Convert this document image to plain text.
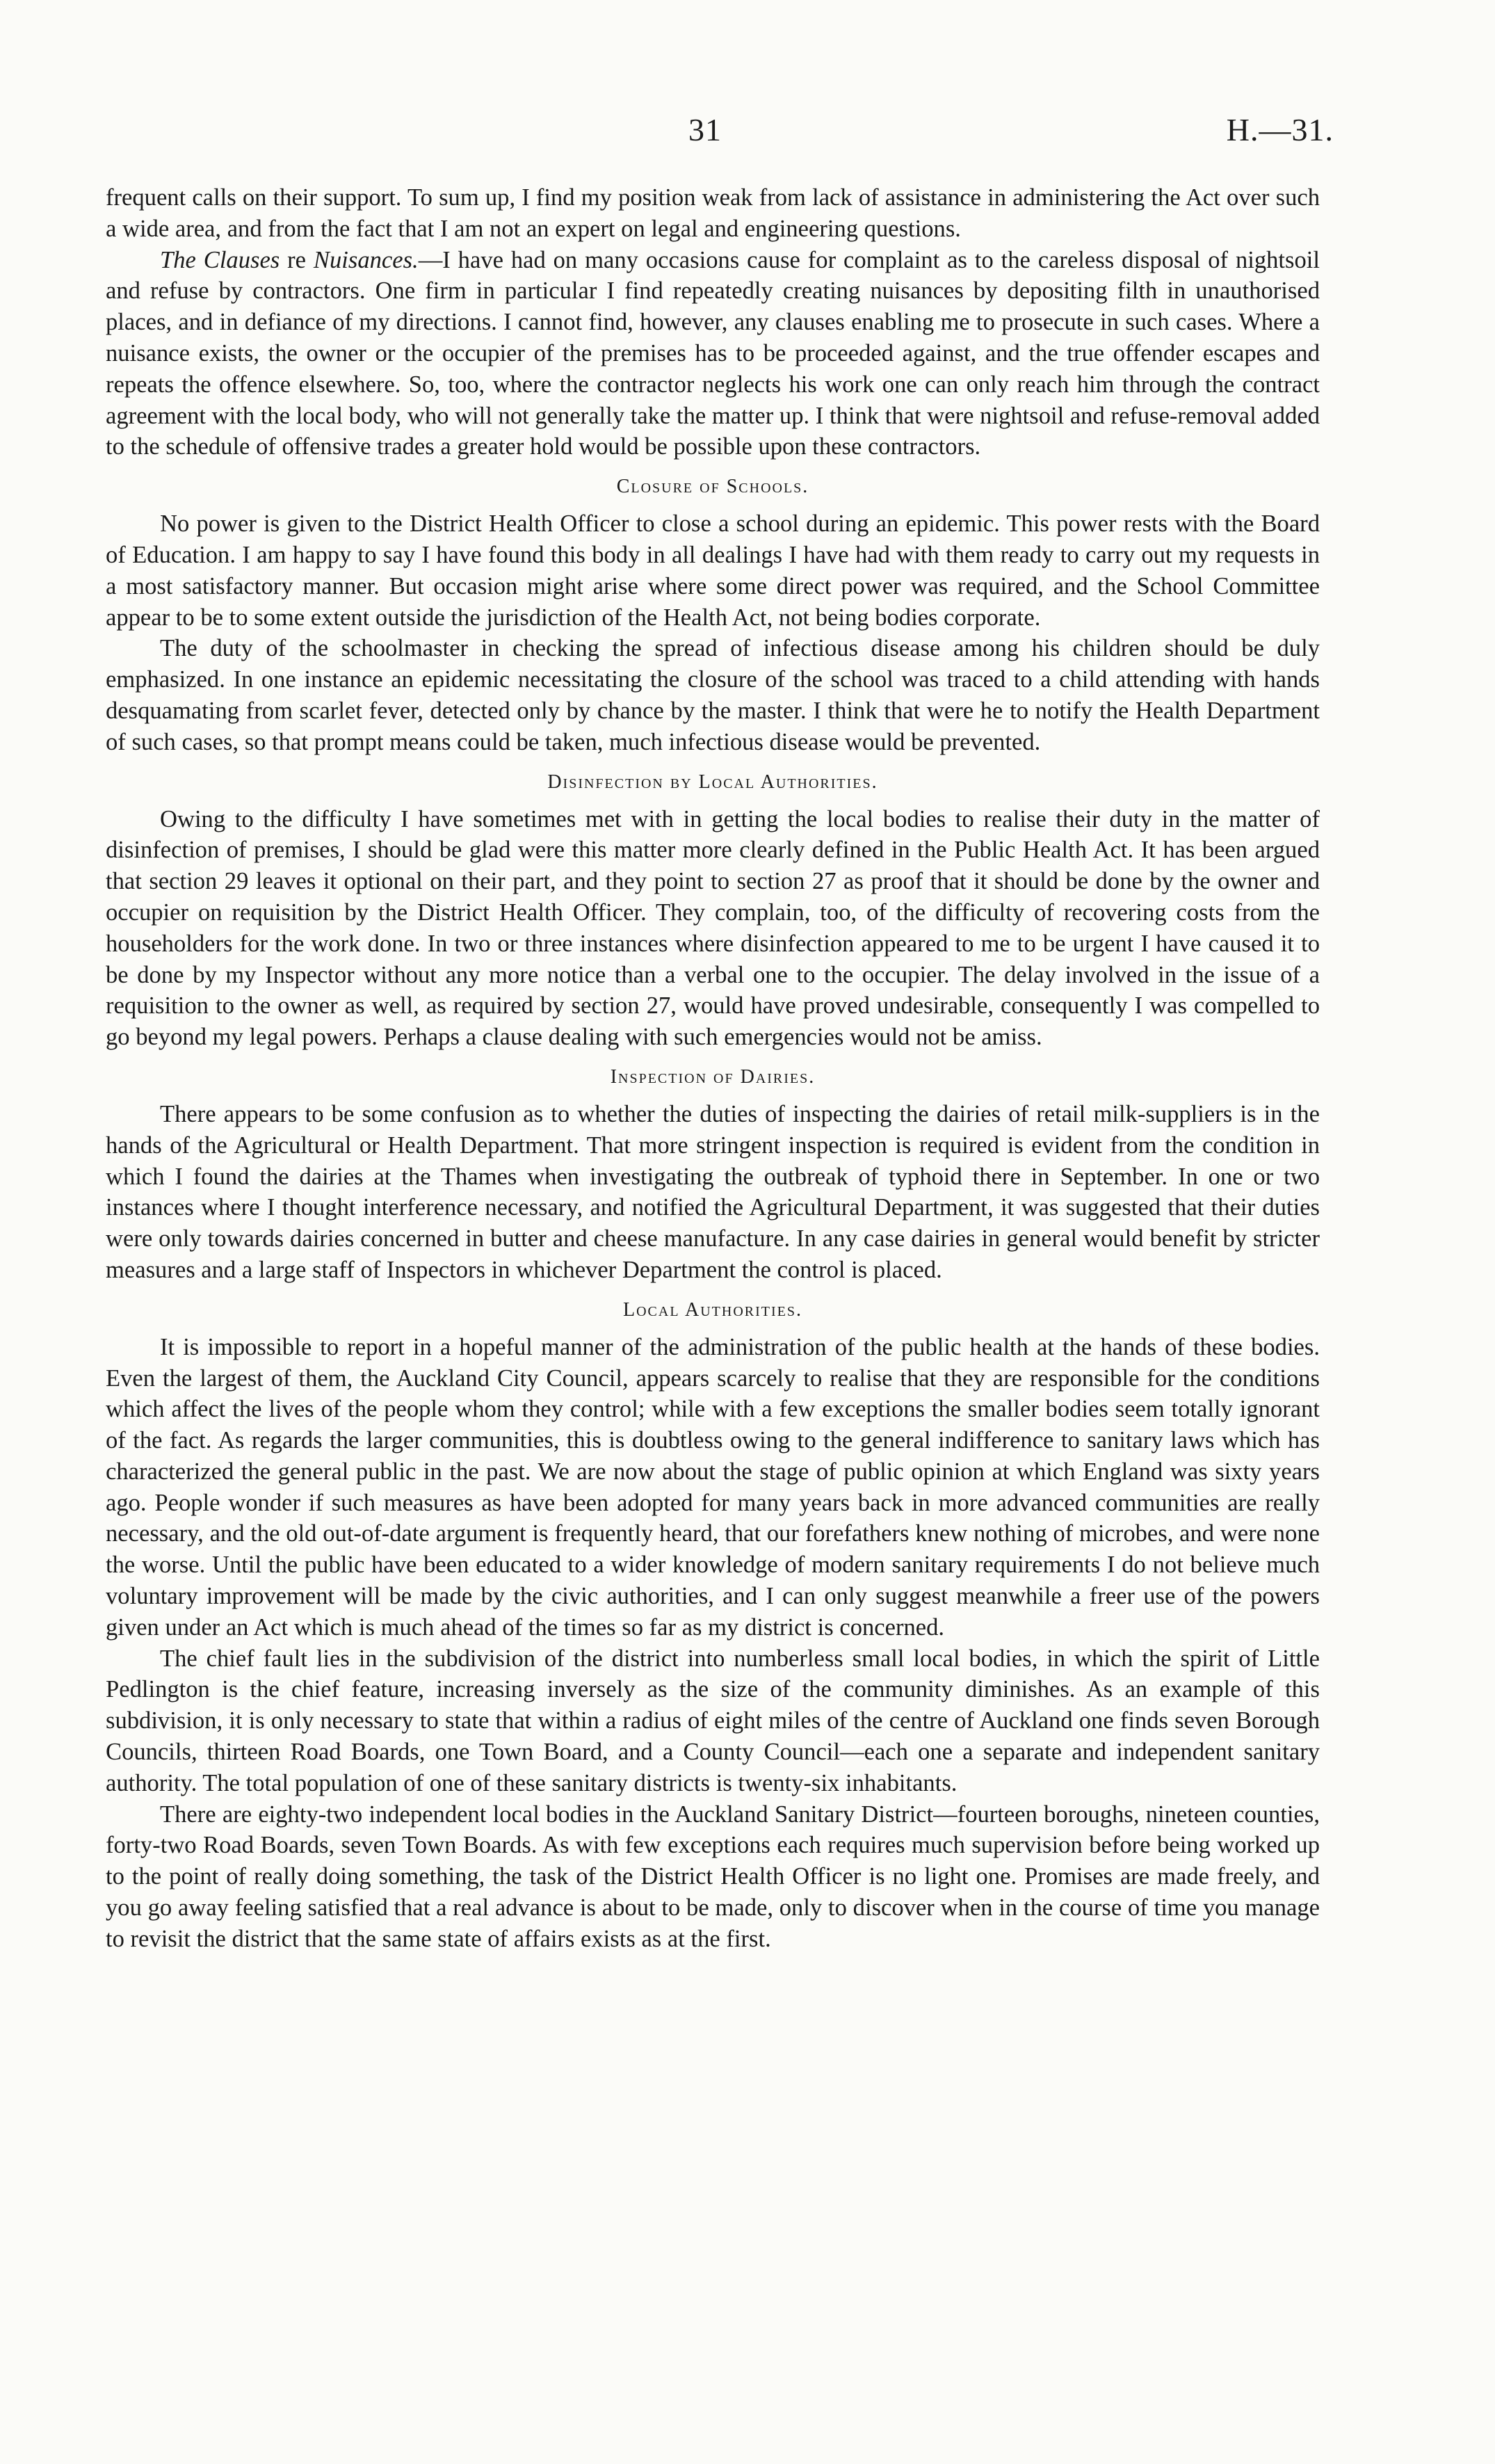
31	H.—31.

frequent calls on their support. To sum up, I find my position weak from lack of assistance in administering the Act over such a wide area, and from the fact that I am not an expert on legal and engineering questions.

The Clauses re Nuisances.—I have had on many occasions cause for complaint as to the careless disposal of nightsoil and refuse by contractors. One firm in particular I find repeatedly creating nuisances by depositing filth in unauthorised places, and in defiance of my directions. I cannot find, however, any clauses enabling me to prosecute in such cases. Where a nuisance exists, the owner or the occupier of the premises has to be proceeded against, and the true offender escapes and repeats the offence elsewhere. So, too, where the contractor neglects his work one can only reach him through the contract agreement with the local body, who will not generally take the matter up. I think that were nightsoil and refuse-removal added to the schedule of offensive trades a greater hold would be possible upon these contractors.

Closure of Schools.

No power is given to the District Health Officer to close a school during an epidemic. This power rests with the Board of Education. I am happy to say I have found this body in all dealings I have had with them ready to carry out my requests in a most satisfactory manner. But occasion might arise where some direct power was required, and the School Committee appear to be to some extent outside the jurisdiction of the Health Act, not being bodies corporate.

The duty of the schoolmaster in checking the spread of infectious disease among his children should be duly emphasized. In one instance an epidemic necessitating the closure of the school was traced to a child attending with hands desquamating from scarlet fever, detected only by chance by the master. I think that were he to notify the Health Department of such cases, so that prompt means could be taken, much infectious disease would be prevented.

Disinfection by Local Authorities.

Owing to the difficulty I have sometimes met with in getting the local bodies to realise their duty in the matter of disinfection of premises, I should be glad were this matter more clearly defined in the Public Health Act. It has been argued that section 29 leaves it optional on their part, and they point to section 27 as proof that it should be done by the owner and occupier on requisition by the District Health Officer. They complain, too, of the difficulty of recovering costs from the householders for the work done. In two or three instances where disinfection appeared to me to be urgent I have caused it to be done by my Inspector without any more notice than a verbal one to the occupier. The delay involved in the issue of a requisition to the owner as well, as required by section 27, would have proved undesirable, consequently I was compelled to go beyond my legal powers. Perhaps a clause dealing with such emergencies would not be amiss.

Inspection of Dairies.

There appears to be some confusion as to whether the duties of inspecting the dairies of retail milk-suppliers is in the hands of the Agricultural or Health Department. That more stringent inspection is required is evident from the condition in which I found the dairies at the Thames when investigating the outbreak of typhoid there in September. In one or two instances where I thought interference necessary, and notified the Agricultural Department, it was suggested that their duties were only towards dairies concerned in butter and cheese manufacture. In any case dairies in general would benefit by stricter measures and a large staff of Inspectors in whichever Department the control is placed.

Local Authorities.

It is impossible to report in a hopeful manner of the administration of the public health at the hands of these bodies. Even the largest of them, the Auckland City Council, appears scarcely to realise that they are responsible for the conditions which affect the lives of the people whom they control; while with a few exceptions the smaller bodies seem totally ignorant of the fact. As regards the larger communities, this is doubtless owing to the general indifference to sanitary laws which has characterized the general public in the past. We are now about the stage of public opinion at which England was sixty years ago. People wonder if such measures as have been adopted for many years back in more advanced communities are really necessary, and the old out-of-date argument is frequently heard, that our forefathers knew nothing of microbes, and were none the worse. Until the public have been educated to a wider knowledge of modern sanitary requirements I do not believe much voluntary improvement will be made by the civic authorities, and I can only suggest meanwhile a freer use of the powers given under an Act which is much ahead of the times so far as my district is concerned.

The chief fault lies in the subdivision of the district into numberless small local bodies, in which the spirit of Little Pedlington is the chief feature, increasing inversely as the size of the community diminishes. As an example of this subdivision, it is only necessary to state that within a radius of eight miles of the centre of Auckland one finds seven Borough Councils, thirteen Road Boards, one Town Board, and a County Council—each one a separate and independent sanitary authority. The total population of one of these sanitary districts is twenty-six inhabitants.

There are eighty-two independent local bodies in the Auckland Sanitary District—fourteen boroughs, nineteen counties, forty-two Road Boards, seven Town Boards. As with few exceptions each requires much supervision before being worked up to the point of really doing something, the task of the District Health Officer is no light one. Promises are made freely, and you go away feeling satisfied that a real advance is about to be made, only to discover when in the course of time you manage to revisit the district that the same state of affairs exists as at the first.
